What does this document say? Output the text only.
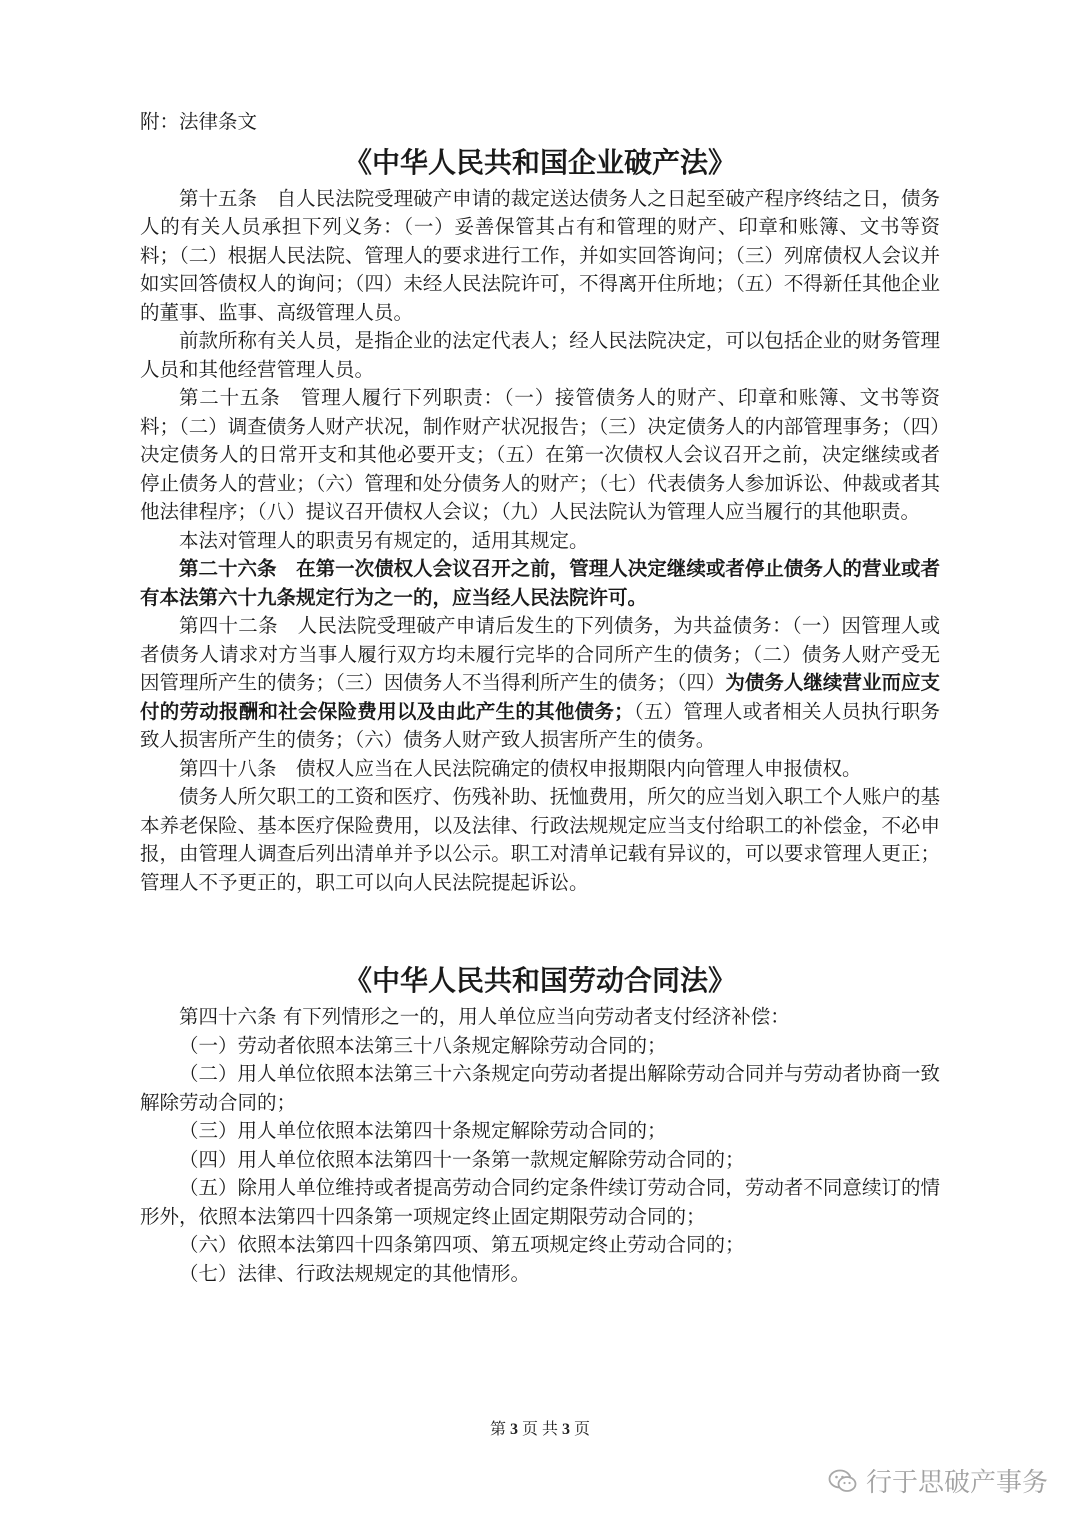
附：法律条文

《中华人民共和国企业破产法》

第十五条　自人民法院受理破产申请的裁定送达债务人之日起至破产程序终结之日，债务人的有关人员承担下列义务：（一）妥善保管其占有和管理的财产、印章和账簿、文书等资料；（二）根据人民法院、管理人的要求进行工作，并如实回答询问；（三）列席债权人会议并如实回答债权人的询问；（四）未经人民法院许可，不得离开住所地；（五）不得新任其他企业的董事、监事、高级管理人员。

前款所称有关人员，是指企业的法定代表人；经人民法院决定，可以包括企业的财务管理人员和其他经营管理人员。

第二十五条　管理人履行下列职责：（一）接管债务人的财产、印章和账簿、文书等资料；（二）调查债务人财产状况，制作财产状况报告；（三）决定债务人的内部管理事务；（四）决定债务人的日常开支和其他必要开支；（五）在第一次债权人会议召开之前，决定继续或者停止债务人的营业；（六）管理和处分债务人的财产；（七）代表债务人参加诉讼、仲裁或者其他法律程序；（八）提议召开债权人会议；（九）人民法院认为管理人应当履行的其他职责。

本法对管理人的职责另有规定的，适用其规定。

第二十六条　在第一次债权人会议召开之前，管理人决定继续或者停止债务人的营业或者有本法第六十九条规定行为之一的，应当经人民法院许可。

第四十二条　人民法院受理破产申请后发生的下列债务，为共益债务：（一）因管理人或者债务人请求对方当事人履行双方均未履行完毕的合同所产生的债务；（二）债务人财产受无因管理所产生的债务；（三）因债务人不当得利所产生的债务；（四）为债务人继续营业而应支付的劳动报酬和社会保险费用以及由此产生的其他债务；（五）管理人或者相关人员执行职务致人损害所产生的债务；（六）债务人财产致人损害所产生的债务。

第四十八条　债权人应当在人民法院确定的债权申报期限内向管理人申报债权。

债务人所欠职工的工资和医疗、伤残补助、抚恤费用，所欠的应当划入职工个人账户的基本养老保险、基本医疗保险费用，以及法律、行政法规规定应当支付给职工的补偿金，不必申报，由管理人调查后列出清单并予以公示。职工对清单记载有异议的，可以要求管理人更正；管理人不予更正的，职工可以向人民法院提起诉讼。

《中华人民共和国劳动合同法》

第四十六条 有下列情形之一的，用人单位应当向劳动者支付经济补偿：

（一）劳动者依照本法第三十八条规定解除劳动合同的；

（二）用人单位依照本法第三十六条规定向劳动者提出解除劳动合同并与劳动者协商一致解除劳动合同的；

（三）用人单位依照本法第四十条规定解除劳动合同的；

（四）用人单位依照本法第四十一条第一款规定解除劳动合同的；

（五）除用人单位维持或者提高劳动合同约定条件续订劳动合同，劳动者不同意续订的情形外，依照本法第四十四条第一项规定终止固定期限劳动合同的；

（六）依照本法第四十四条第四项、第五项规定终止劳动合同的；

（七）法律、行政法规规定的其他情形。

第 3 页 共 3 页
行于思破产事务
